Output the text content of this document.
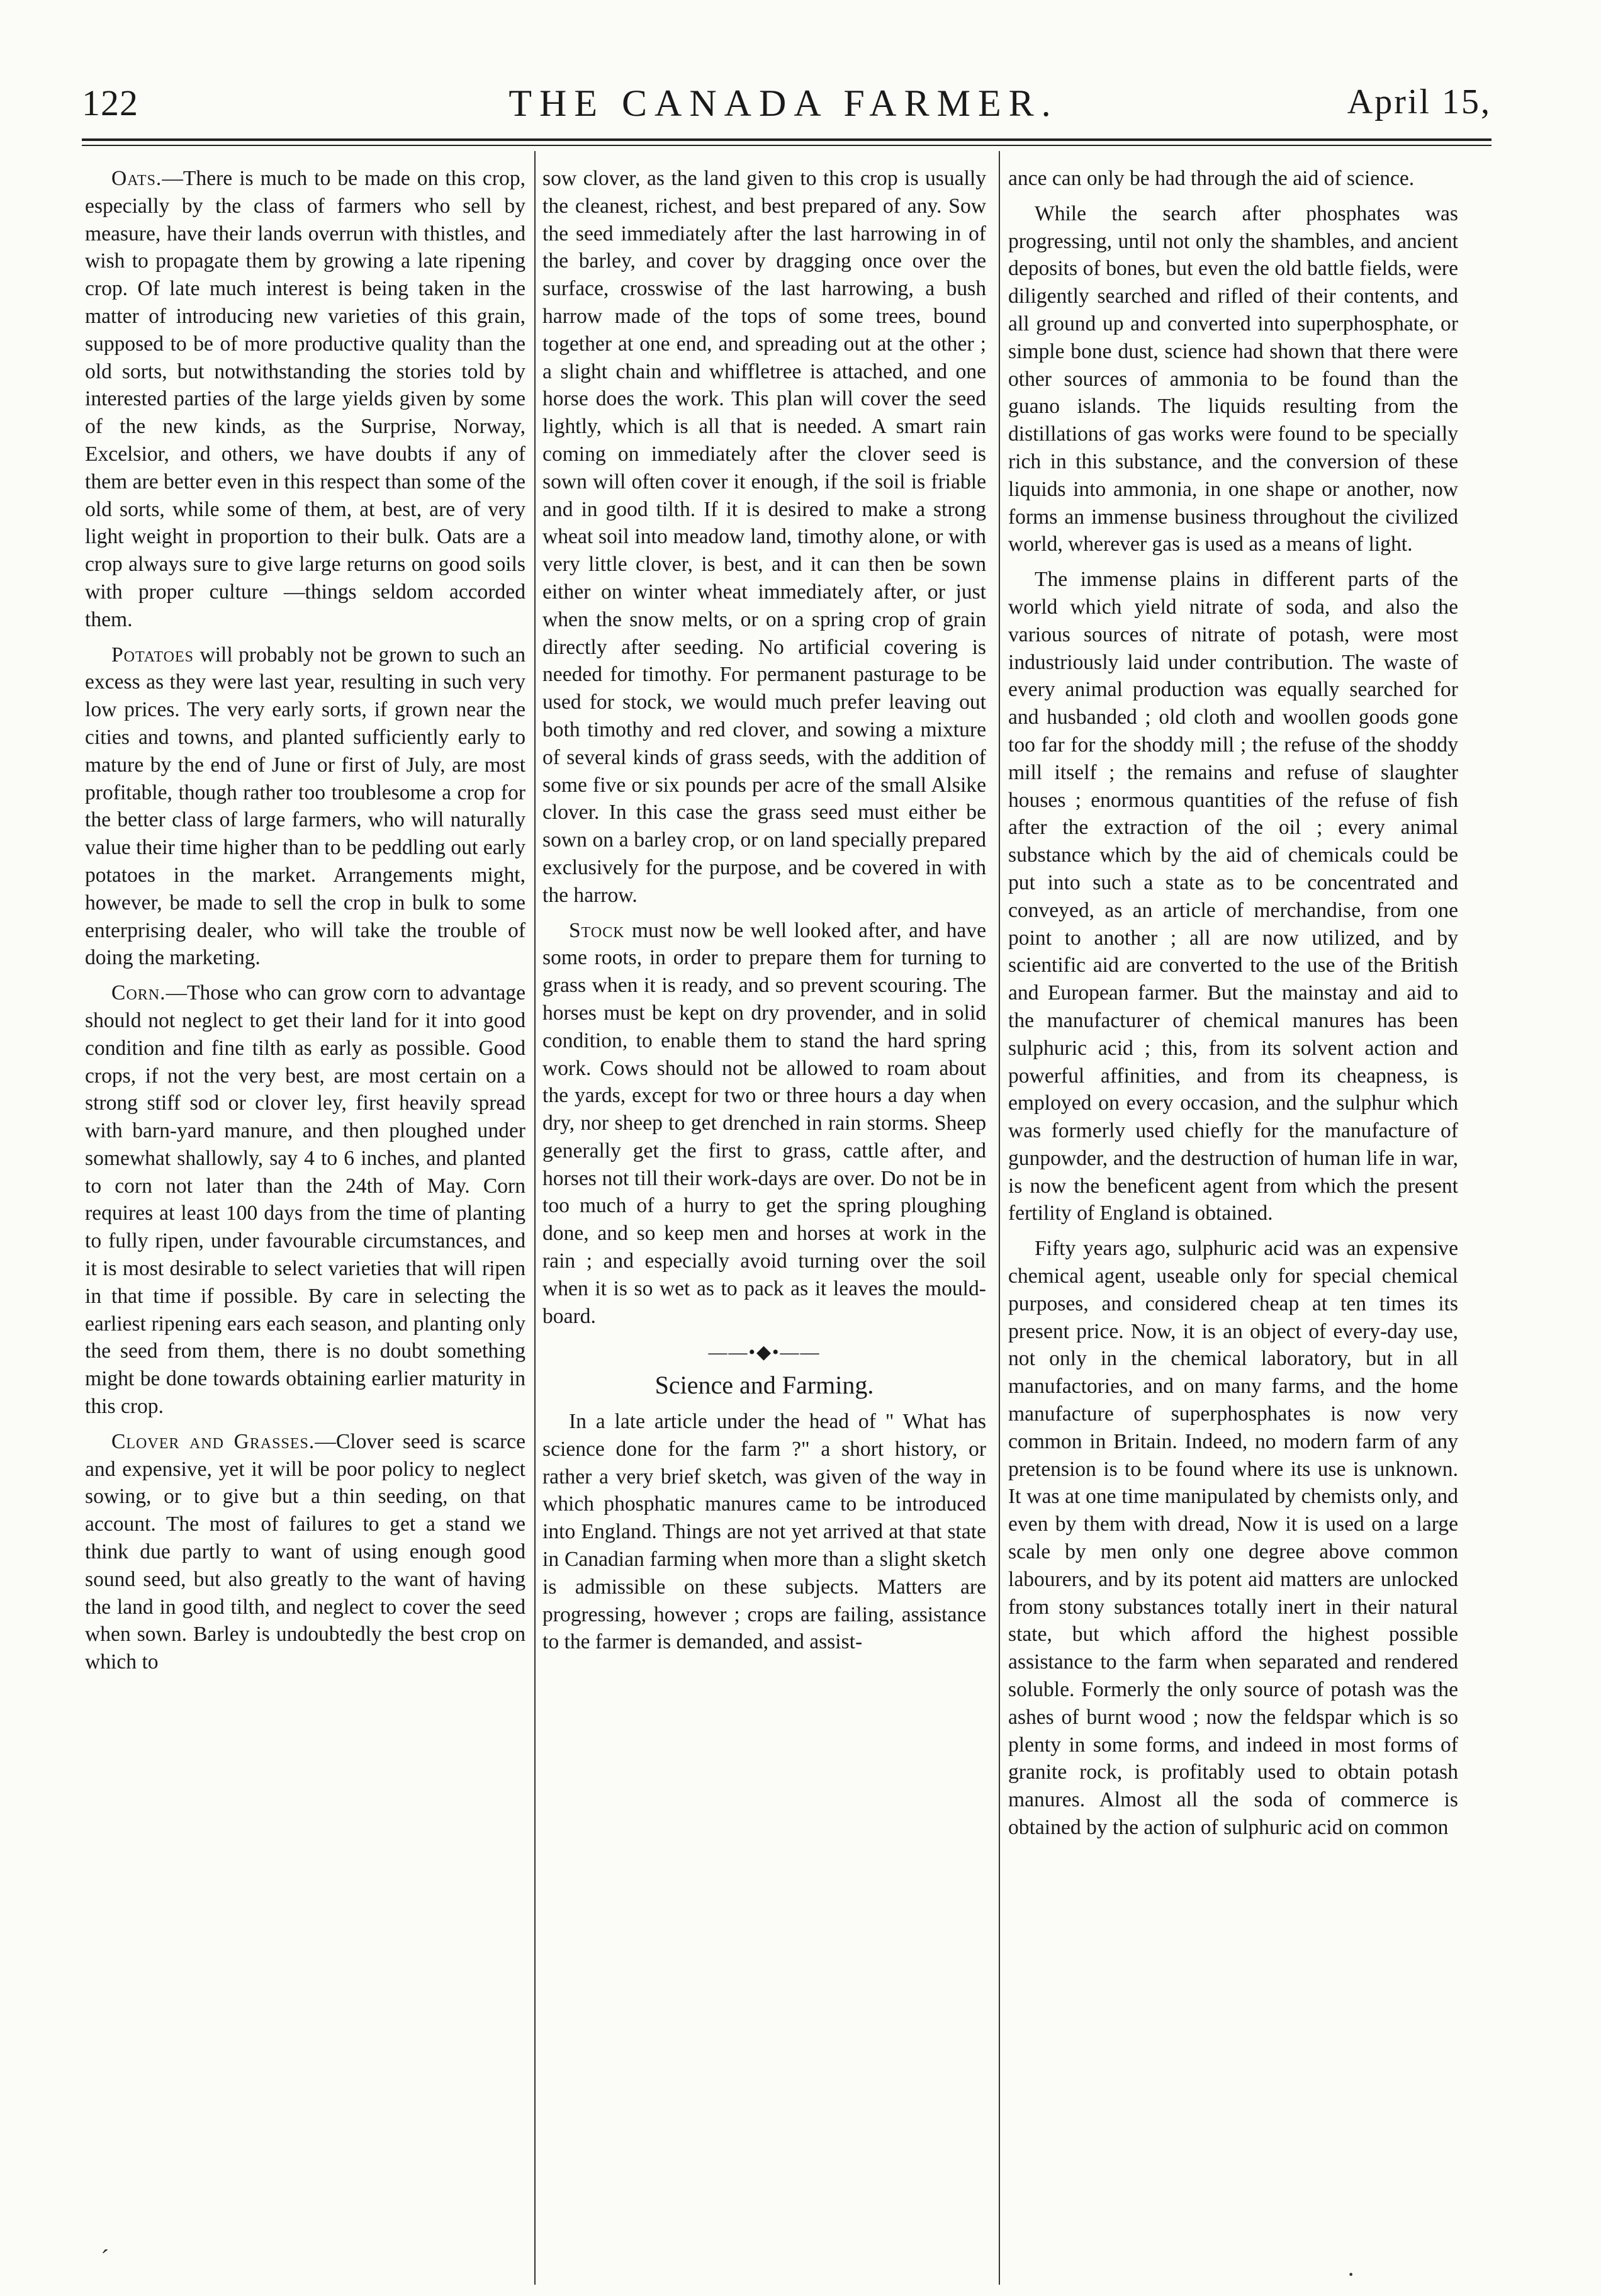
122	THE CANADA FARMER.	April 15,

Oats.—There is much to be made on this crop, especially by the class of farmers who sell by measure, have their lands overrun with thistles, and wish to propagate them by growing a late ripening crop. Of late much interest is being taken in the matter of introducing new varieties of this grain, supposed to be of more productive quality than the old sorts, but notwithstanding the stories told by interested parties of the large yields given by some of the new kinds, as the Surprise, Norway, Excelsior, and others, we have doubts if any of them are better even in this respect than some of the old sorts, while some of them, at best, are of very light weight in proportion to their bulk. Oats are a crop always sure to give large returns on good soils with proper culture —things seldom accorded them.

Potatoes will probably not be grown to such an excess as they were last year, resulting in such very low prices. The very early sorts, if grown near the cities and towns, and planted sufficiently early to mature by the end of June or first of July, are most profitable, though rather too troublesome a crop for the better class of large farmers, who will naturally value their time higher than to be peddling out early potatoes in the market. Arrangements might, however, be made to sell the crop in bulk to some enterprising dealer, who will take the trouble of doing the marketing.

Corn.—Those who can grow corn to advantage should not neglect to get their land for it into good condition and fine tilth as early as possible. Good crops, if not the very best, are most certain on a strong stiff sod or clover ley, first heavily spread with barn-yard manure, and then ploughed under somewhat shallowly, say 4 to 6 inches, and planted to corn not later than the 24th of May. Corn requires at least 100 days from the time of planting to fully ripen, under favourable circumstances, and it is most desirable to select varieties that will ripen in that time if possible. By care in selecting the earliest ripening ears each season, and planting only the seed from them, there is no doubt something might be done towards obtaining earlier maturity in this crop.

Clover and Grasses.—Clover seed is scarce and expensive, yet it will be poor policy to neglect sowing, or to give but a thin seeding, on that account. The most of failures to get a stand we think due partly to want of using enough good sound seed, but also greatly to the want of having the land in good tilth, and neglect to cover the seed when sown. Barley is undoubtedly the best crop on which to

sow clover, as the land given to this crop is usually the cleanest, richest, and best prepared of any. Sow the seed immediately after the last harrowing in of the barley, and cover by dragging once over the surface, crosswise of the last harrowing, a bush harrow made of the tops of some trees, bound together at one end, and spreading out at the other ; a slight chain and whiffletree is attached, and one horse does the work. This plan will cover the seed lightly, which is all that is needed. A smart rain coming on immediately after the clover seed is sown will often cover it enough, if the soil is friable and in good tilth. If it is desired to make a strong wheat soil into meadow land, timothy alone, or with very little clover, is best, and it can then be sown either on winter wheat immediately after, or just when the snow melts, or on a spring crop of grain directly after seeding. No artificial covering is needed for timothy. For permanent pasturage to be used for stock, we would much prefer leaving out both timothy and red clover, and sowing a mixture of several kinds of grass seeds, with the addition of some five or six pounds per acre of the small Alsike clover. In this case the grass seed must either be sown on a barley crop, or on land specially prepared exclusively for the purpose, and be covered in with the harrow.

Stock must now be well looked after, and have some roots, in order to prepare them for turning to grass when it is ready, and so prevent scouring. The horses must be kept on dry provender, and in solid condition, to enable them to stand the hard spring work. Cows should not be allowed to roam about the yards, except for two or three hours a day when dry, nor sheep to get drenched in rain storms. Sheep generally get the first to grass, cattle after, and horses not till their work-days are over. Do not be in too much of a hurry to get the spring ploughing done, and so keep men and horses at work in the rain ; and especially avoid turning over the soil when it is so wet as to pack as it leaves the mould-board.

——•◆•——
Science and Farming.

In a late article under the head of " What has science done for the farm ?" a short history, or rather a very brief sketch, was given of the way in which phosphatic manures came to be introduced into England. Things are not yet arrived at that state in Canadian farming when more than a slight sketch is admissible on these subjects. Matters are progressing, however ; crops are failing, assistance to the farmer is demanded, and assist-

ance can only be had through the aid of science.

While the search after phosphates was progressing, until not only the shambles, and ancient deposits of bones, but even the old battle fields, were diligently searched and rifled of their contents, and all ground up and converted into superphosphate, or simple bone dust, science had shown that there were other sources of ammonia to be found than the guano islands. The liquids resulting from the distillations of gas works were found to be specially rich in this substance, and the conversion of these liquids into ammonia, in one shape or another, now forms an immense business throughout the civilized world, wherever gas is used as a means of light.

The immense plains in different parts of the world which yield nitrate of soda, and also the various sources of nitrate of potash, were most industriously laid under contribution. The waste of every animal production was equally searched for and husbanded ; old cloth and woollen goods gone too far for the shoddy mill ; the refuse of the shoddy mill itself ; the remains and refuse of slaughter houses ; enormous quantities of the refuse of fish after the extraction of the oil ; every animal substance which by the aid of chemicals could be put into such a state as to be concentrated and conveyed, as an article of merchandise, from one point to another ; all are now utilized, and by scientific aid are converted to the use of the British and European farmer. But the mainstay and aid to the manufacturer of chemical manures has been sulphuric acid ; this, from its solvent action and powerful affinities, and from its cheapness, is employed on every occasion, and the sulphur which was formerly used chiefly for the manufacture of gunpowder, and the destruction of human life in war, is now the beneficent agent from which the present fertility of England is obtained.

Fifty years ago, sulphuric acid was an expensive chemical agent, useable only for special chemical purposes, and considered cheap at ten times its present price. Now, it is an object of every-day use, not only in the chemical laboratory, but in all manufactories, and on many farms, and the home manufacture of superphosphates is now very common in Britain. Indeed, no modern farm of any pretension is to be found where its use is unknown. It was at one time manipulated by chemists only, and even by them with dread, Now it is used on a large scale by men only one degree above common labourers, and by its potent aid matters are unlocked from stony substances totally inert in their natural state, but which afford the highest possible assistance to the farm when separated and rendered soluble. Formerly the only source of potash was the ashes of burnt wood ; now the feldspar which is so plenty in some forms, and indeed in most forms of granite rock, is profitably used to obtain potash manures. Almost all the soda of commerce is obtained by the action of sulphuric acid on common

ˊ
·
